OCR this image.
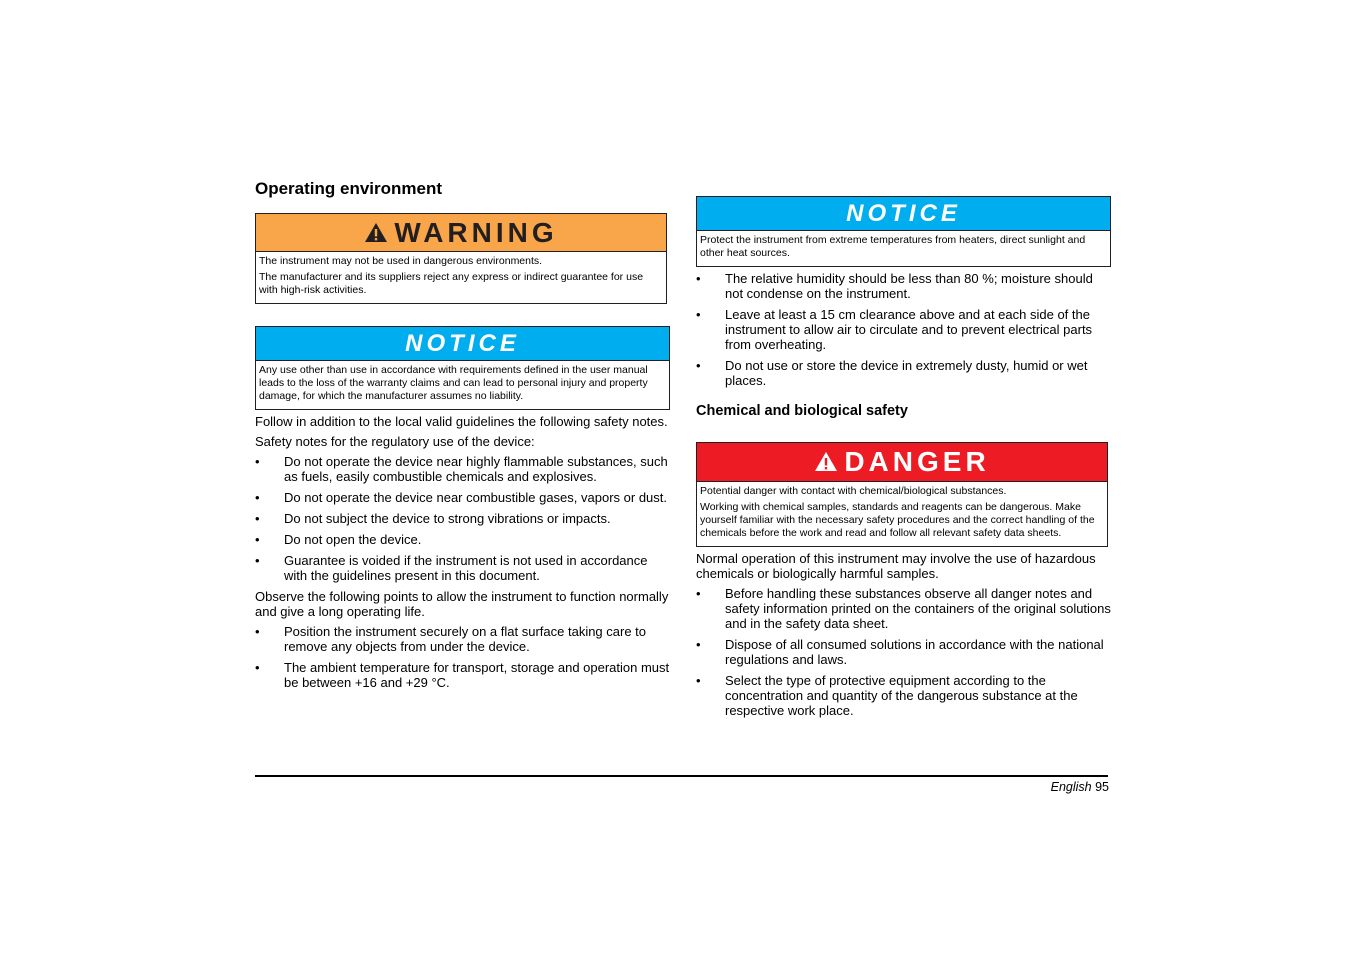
Operating environment
WARNING

The instrument may not be used in dangerous environments.

The manufacturer and its suppliers reject any express or indirect guarantee for use with high-risk activities.

NOTICE

Any use other than use in accordance with requirements defined in the user manual leads to the loss of the warranty claims and can lead to personal injury and property damage, for which the manufacturer assumes no liability.

Follow in addition to the local valid guidelines the following safety notes.

Safety notes for the regulatory use of the device:

• Do not operate the device near highly flammable substances, such as fuels, easily combustible chemicals and explosives.
• Do not operate the device near combustible gases, vapors or dust.
• Do not subject the device to strong vibrations or impacts.
• Do not open the device.
• Guarantee is voided if the instrument is not used in accordance with the guidelines present in this document.

Observe the following points to allow the instrument to function normally and give a long operating life.

• Position the instrument securely on a flat surface taking care to remove any objects from under the device.
• The ambient temperature for transport, storage and operation must be between +16 and +29 °C.
NOTICE

Protect the instrument from extreme temperatures from heaters, direct sunlight and other heat sources.

• The relative humidity should be less than 80 %; moisture should not condense on the instrument.
• Leave at least a 15 cm clearance above and at each side of the instrument to allow air to circulate and to prevent electrical parts from overheating.
• Do not use or store the device in extremely dusty, humid or wet places.
Chemical and biological safety
DANGER

Potential danger with contact with chemical/biological substances.

Working with chemical samples, standards and reagents can be dangerous. Make yourself familiar with the necessary safety procedures and the correct handling of the chemicals before the work and read and follow all relevant safety data sheets.

Normal operation of this instrument may involve the use of hazardous chemicals or biologically harmful samples.

• Before handling these substances observe all danger notes and safety information printed on the containers of the original solutions and in the safety data sheet.
• Dispose of all consumed solutions in accordance with the national regulations and laws.
• Select the type of protective equipment according to the concentration and quantity of the dangerous substance at the respective work place.
English 95
